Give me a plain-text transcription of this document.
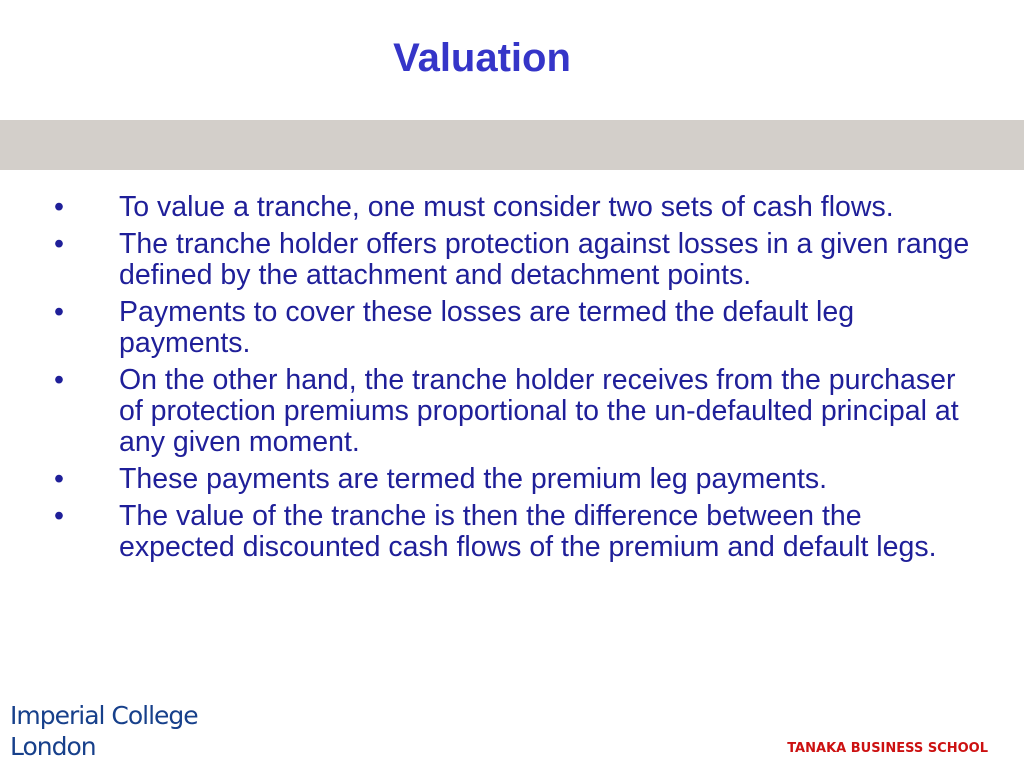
Valuation
• To value a tranche, one must consider two sets of cash flows.
• The tranche holder offers protection against losses in a given range defined by the attachment and detachment points.
• Payments to cover these losses are termed the default leg payments.
• On the other hand, the tranche holder receives from the purchaser of protection premiums proportional to the un-defaulted principal at any given moment.
• These payments are termed the premium leg payments.
• The value of the tranche is then the difference between the expected discounted cash flows of the premium and default legs.
Imperial College
London	TANAKA BUSINESS SCHOOL
